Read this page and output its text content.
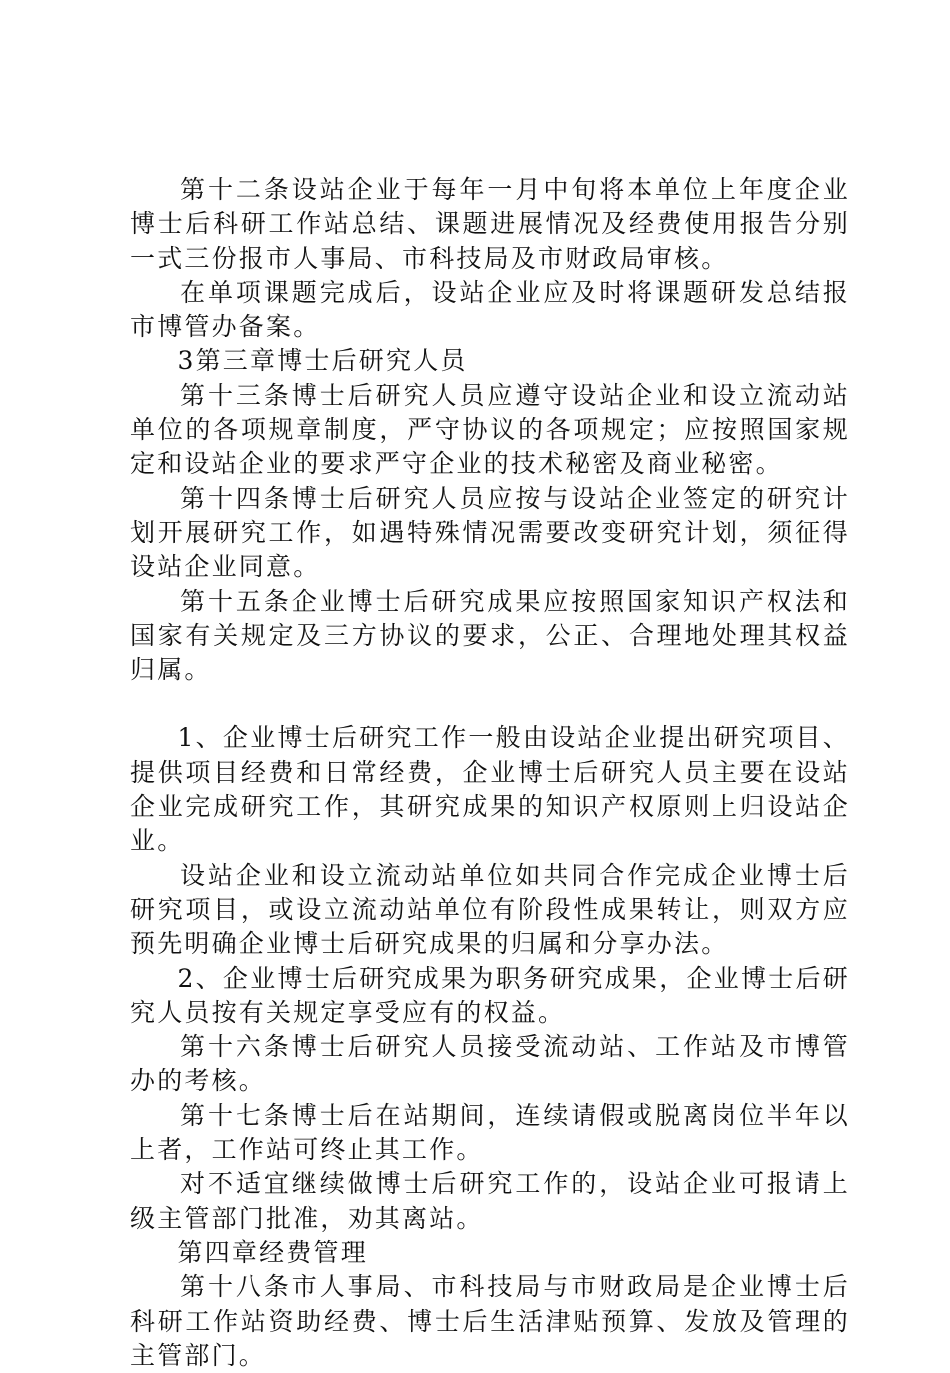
第十二条设站企业于每年一月中旬将本单位上年度企业博士后科研工作站总结、课题进展情况及经费使用报告分别一式三份报市人事局、市科技局及市财政局审核。

在单项课题完成后，设站企业应及时将课题研发总结报市博管办备案。

3第三章博士后研究人员

第十三条博士后研究人员应遵守设站企业和设立流动站单位的各项规章制度，严守协议的各项规定；应按照国家规定和设站企业的要求严守企业的技术秘密及商业秘密。

第十四条博士后研究人员应按与设站企业签定的研究计划开展研究工作，如遇特殊情况需要改变研究计划，须征得设站企业同意。

第十五条企业博士后研究成果应按照国家知识产权法和国家有关规定及三方协议的要求，公正、合理地处理其权益归属。

1、企业博士后研究工作一般由设站企业提出研究项目、提供项目经费和日常经费，企业博士后研究人员主要在设站企业完成研究工作，其研究成果的知识产权原则上归设站企业。

设站企业和设立流动站单位如共同合作完成企业博士后研究项目，或设立流动站单位有阶段性成果转让，则双方应预先明确企业博士后研究成果的归属和分享办法。

2、企业博士后研究成果为职务研究成果，企业博士后研究人员按有关规定享受应有的权益。

第十六条博士后研究人员接受流动站、工作站及市博管办的考核。

第十七条博士后在站期间，连续请假或脱离岗位半年以上者，工作站可终止其工作。

对不适宜继续做博士后研究工作的，设站企业可报请上级主管部门批准，劝其离站。

第四章经费管理

第十八条市人事局、市科技局与市财政局是企业博士后科研工作站资助经费、博士后生活津贴预算、发放及管理的主管部门。
